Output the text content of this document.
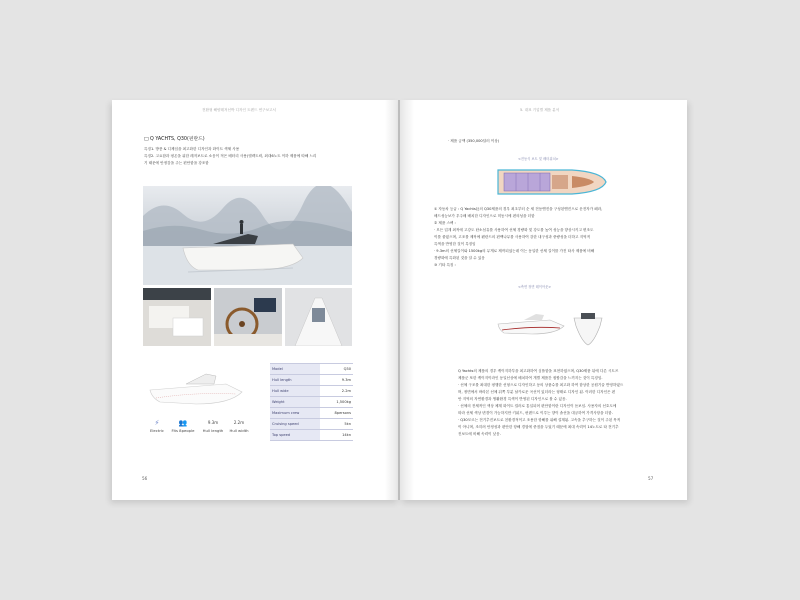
전환형 해양레저선박 디자인 트렌드 연구보고서
□ Q YACHTS, Q30(핀란드)
특징1. 방풍 & 디제임을 최고화한 디자인과 화이트 색채 사용
특징2. 고요함과 평온을 위한 레저보트로 소음이 적은 배터리 사용(엘렉트릭, 최대6노트 이하 제품에 따해 느리
기 때문에 안정감을 주는 편안함을 강조함
Model	Q30
Hull length	9.3m
Hull wide	2.2m
Weight	1,500kg
Maximum crew	8persons
Cruising speed	5kn
Top speed	14kn
⚡
Electric
👥
Fits 8people
9.3m
Hull length
2.2m
Hull width
56
5. 대표 기업별 제품 분석
· 제품 금액 (350,000달러 이상)
<전동식 보트 및 배터위치>
① 자동차 등급 : Q Yachts社의 Q30제품의 경우 최초부터 순 세 전동엔진을 구성된엔진으로 운전자가 페라,
배드성능보가 우주배 배치한 디자인으로 미동시에 편의성을 더함
② 제품 스펙 :
· 모든 업계 최적에 고강도 탄소섬유를 사용하여 선체 경량화 및 강도를 높여 성능을 향상시키고 변조도
이를 줄였으며, 고조를 제작에 펜란드의 편백나무를 사용하여 강한 내구성과 중량성을 더하고 지역적
특색을 반영한 것이 특징임
· 9.3m의 선체길이와 1500kg의 무게로 제작되었는데 이는 동일한 선체 길이를 가진 타사 제품에 비해
경량화에 특화된 것을 알 수 있음
③ 기타 특징 :
<측면 정면 레이아웃>
Q Yachts의 제품의 경우 케이지하부을 최고화하여 심플함을 표현하였으며, Q30제품 뒤에 다른 시트즈
제품군 또한 케이지이라인 동일선상에 배치하여 개별 제품간 접합감을 느끼지는 것이 특징임.
· 선체 구조를 최대한 평행한 선형으로 디자인하고 동의 상품수를 최고화 하여 함상한 공원기술 반영하였으
며, 정면에서 바라본 선체 뒤쪽 부분 날카로운 곡선이 있더라는 형태로 디자인 됨. 이러한 디자인은 편
안 지역의 자연환경과 생활환경 특색이 반영된 디자인으로 볼 수 있음.
· 선체의 전체적인 색상 체계 화이트 컬러로 통일되어 편안함이란 디자인이 돋보임. 사용자의 선호도에
따라 선체 색상 변경이 가능하지만 키워드, 펀랜드로 이루는 향이 솔선을 대궁하여 가격사항을 더함.
· Q30모르는 전기추진보트로 친환경적이고 조용한 항해를 위해 설계됨. 고속을 추구하는 것이 주된 목적
이 아니며, 조히려 안정성과 편안한 항해 경험에 중점을 두었기 때문에 최대 속력이 14노트로 타 전기추
진보트에 비해 속력이 낮음.
57
